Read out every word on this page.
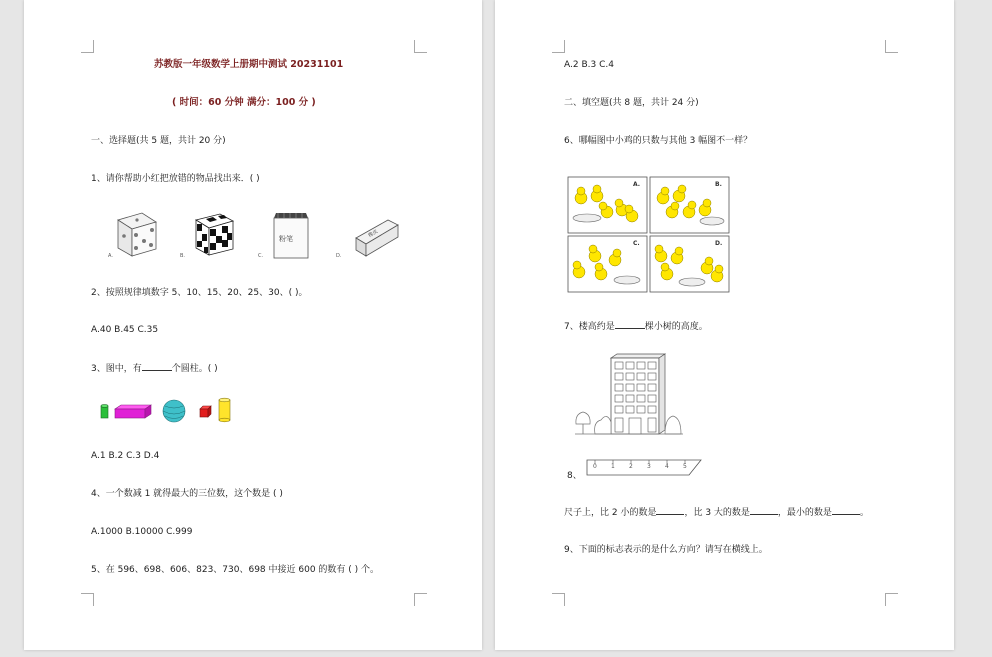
苏教版一年级数学上册期中测试 20231101
( 时间：60 分钟 满分：100 分 )
一、选择题(共 5 题，共计 20 分)
1、请你帮助小红把放错的物品找出来．( )
A.	B.	C.	D.
粉笔	橡皮
2、按照规律填数字 5、10、15、20、25、30、( )。
A.40 B.45 C.35
3、图中，有	个圆柱。( )
A.1 B.2 C.3 D.4
4、一个数减 1 就得最大的三位数，这个数是 ( )
A.1000 B.10000 C.999
5、在 596、698、606、823、730、698 中接近 600 的数有 ( ) 个。
A.2 B.3 C.4
二、填空题(共 8 题，共计 24 分)
6、哪幅图中小鸡的只数与其他 3 幅图不一样？
A.	B.
C.	D.
7、楼高约是	棵小树的高度。
8、
0 1 2 3 4 5
尺子上，比 2 小的数是	，比 3 大的数是	，最小的数是	。
9、下面的标志表示的是什么方向？请写在横线上。
